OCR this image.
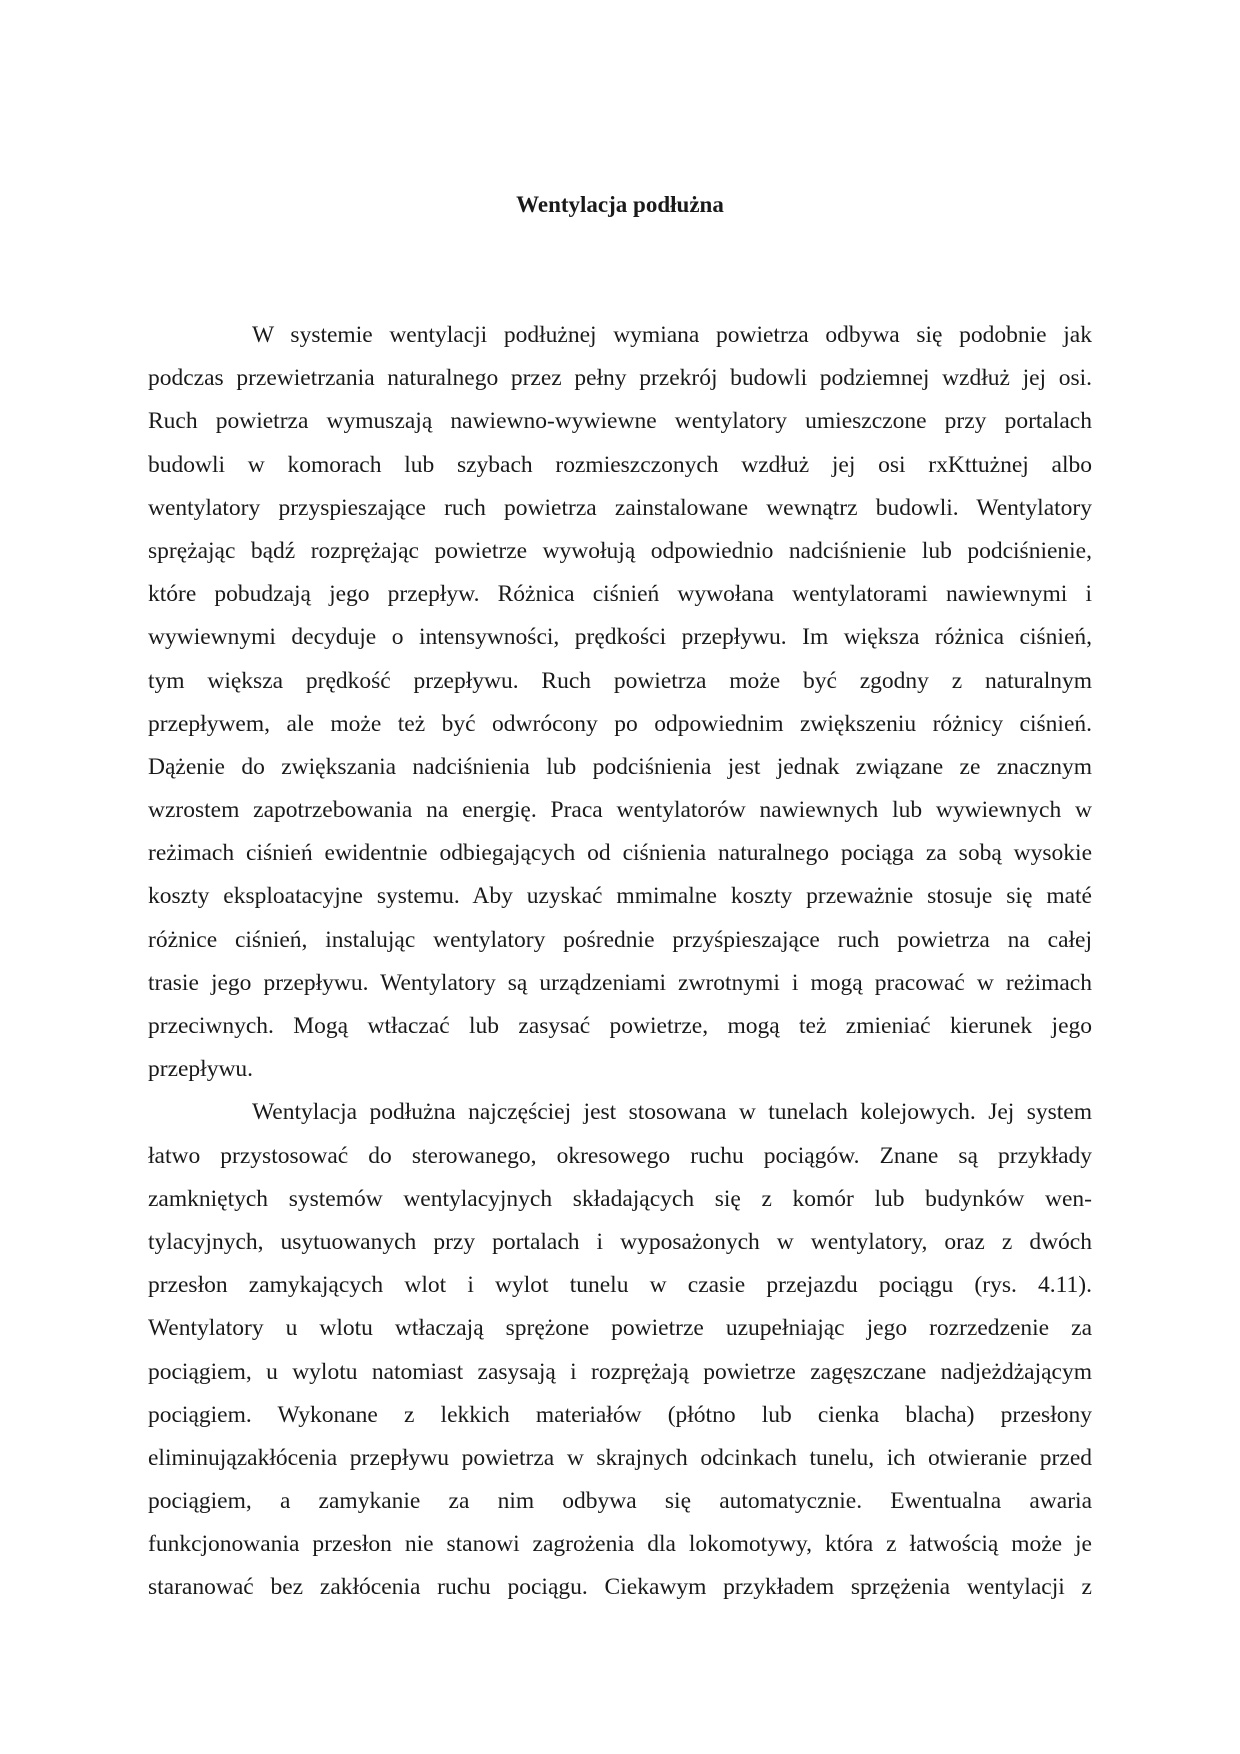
Wentylacja podłużna
W systemie wentylacji podłużnej wymiana powietrza odbywa się podobnie jak
podczas przewietrzania naturalnego przez pełny przekrój budowli podziemnej wzdłuż jej osi.
Ruch powietrza wymuszają nawiewno-wywiewne wentylatory umieszczone przy portalach
budowli w komorach lub szybach rozmieszczonych wzdłuż jej osi rxKttużnej albo
wentylatory przyspieszające ruch powietrza zainstalowane wewnątrz budowli. Wentylatory
sprężając bądź rozprężając powietrze wywołują odpowiednio nadciśnienie lub podciśnienie,
które pobudzają jego przepływ. Różnica ciśnień wywołana wentylatorami nawiewnymi i
wywiewnymi decyduje o intensywności, prędkości przepływu. Im większa różnica ciśnień,
tym większa prędkość przepływu. Ruch powietrza może być zgodny z naturalnym
przepływem, ale może też być odwrócony po odpowiednim zwiększeniu różnicy ciśnień.
Dążenie do zwiększania nadciśnienia lub podciśnienia jest jednak związane ze znacznym
wzrostem zapotrzebowania na energię. Praca wentylatorów nawiewnych lub wywiewnych w
reżimach ciśnień ewidentnie odbiegających od ciśnienia naturalnego pociąga za sobą wysokie
koszty eksploatacyjne systemu. Aby uzyskać mmimalne koszty przeważnie stosuje się maté
różnice ciśnień, instalując wentylatory pośrednie przyśpieszające ruch powietrza na całej
trasie jego przepływu. Wentylatory są urządzeniami zwrotnymi i mogą pracować w reżimach
przeciwnych. Mogą wtłaczać lub zasysać powietrze, mogą też zmieniać kierunek jego
przepływu.
Wentylacja podłużna najczęściej jest stosowana w tunelach kolejowych. Jej system
łatwo przystosować do sterowanego, okresowego ruchu pociągów. Znane są przykłady
zamkniętych systemów wentylacyjnych składających się z komór lub budynków wen-
tylacyjnych, usytuowanych przy portalach i wyposażonych w wentylatory, oraz z dwóch
przesłon zamykających wlot i wylot tunelu w czasie przejazdu pociągu (rys. 4.11).
Wentylatory u wlotu wtłaczają sprężone powietrze uzupełniając jego rozrzedzenie za
pociągiem, u wylotu natomiast zasysają i rozprężają powietrze zagęszczane nadjeżdżającym
pociągiem. Wykonane z lekkich materiałów (płótno lub cienka blacha) przesłony
eliminujązakłócenia przepływu powietrza w skrajnych odcinkach tunelu, ich otwieranie przed
pociągiem, a zamykanie za nim odbywa się automatycznie. Ewentualna awaria
funkcjonowania przesłon nie stanowi zagrożenia dla lokomotywy, która z łatwością może je
staranować bez zakłócenia ruchu pociągu. Ciekawym przykładem sprzężenia wentylacji z
